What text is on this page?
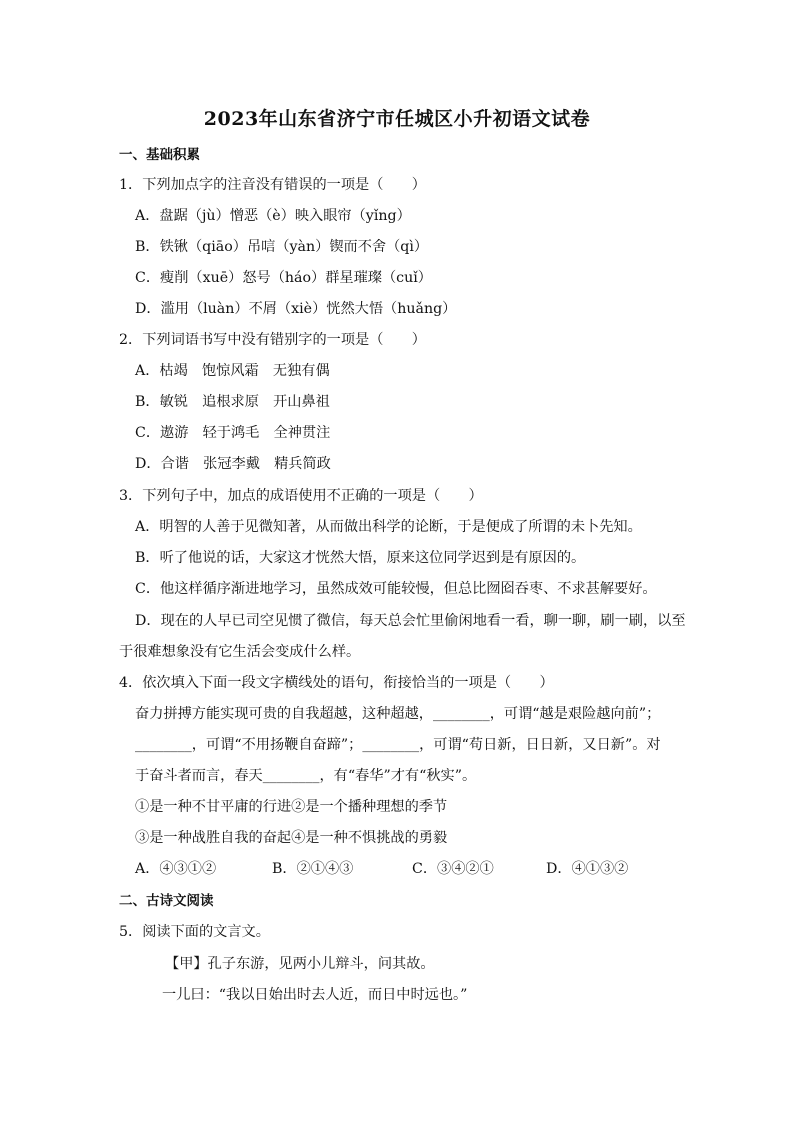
2023年山东省济宁市任城区小升初语文试卷
一、基础积累
1．下列加点字的注音没有错误的一项是（　　）
A．盘踞（jù）憎恶（è）映入眼帘（yǐng）
B．铁锹（qiāo）吊唁（yàn）锲而不舍（qì）
C．瘦削（xuē）怒号（háo）群星璀璨（cuǐ）
D．滥用（luàn）不屑（xiè）恍然大悟（huǎng）
2．下列词语书写中没有错别字的一项是（　　）
A．枯竭　饱惊风霜　无独有偶
B．敏锐　追根求原　开山鼻祖
C．遨游　轻于鸿毛　全神贯注
D．合谐　张冠李戴　精兵简政
3．下列句子中，加点的成语使用不正确的一项是（　　）
A．明智的人善于见微知著，从而做出科学的论断，于是便成了所谓的未卜先知。
B．听了他说的话，大家这才恍然大悟，原来这位同学迟到是有原因的。
C．他这样循序渐进地学习，虽然成效可能较慢，但总比囫囵吞枣、不求甚解要好。
D．现在的人早已司空见惯了微信，每天总会忙里偷闲地看一看，聊一聊，刷一刷，以至
于很难想象没有它生活会变成什么样。
4．依次填入下面一段文字横线处的语句，衔接恰当的一项是（　　）
奋力拼搏方能实现可贵的自我超越，这种超越，________，可谓“越是艰险越向前”；
________，可谓“不用扬鞭自奋蹄”；________，可谓“苟日新，日日新，又日新”。对
于奋斗者而言，春天________，有“春华”才有“秋实”。
①是一种不甘平庸的行进②是一个播种理想的季节
③是一种战胜自我的奋起④是一种不惧挑战的勇毅
A．④③①②	B．②①④③	C．③④②①	D．④①③②
二、古诗文阅读
5．阅读下面的文言文。
【甲】孔子东游，见两小儿辩斗，问其故。
一儿曰：“我以日始出时去人近，而日中时远也。”
